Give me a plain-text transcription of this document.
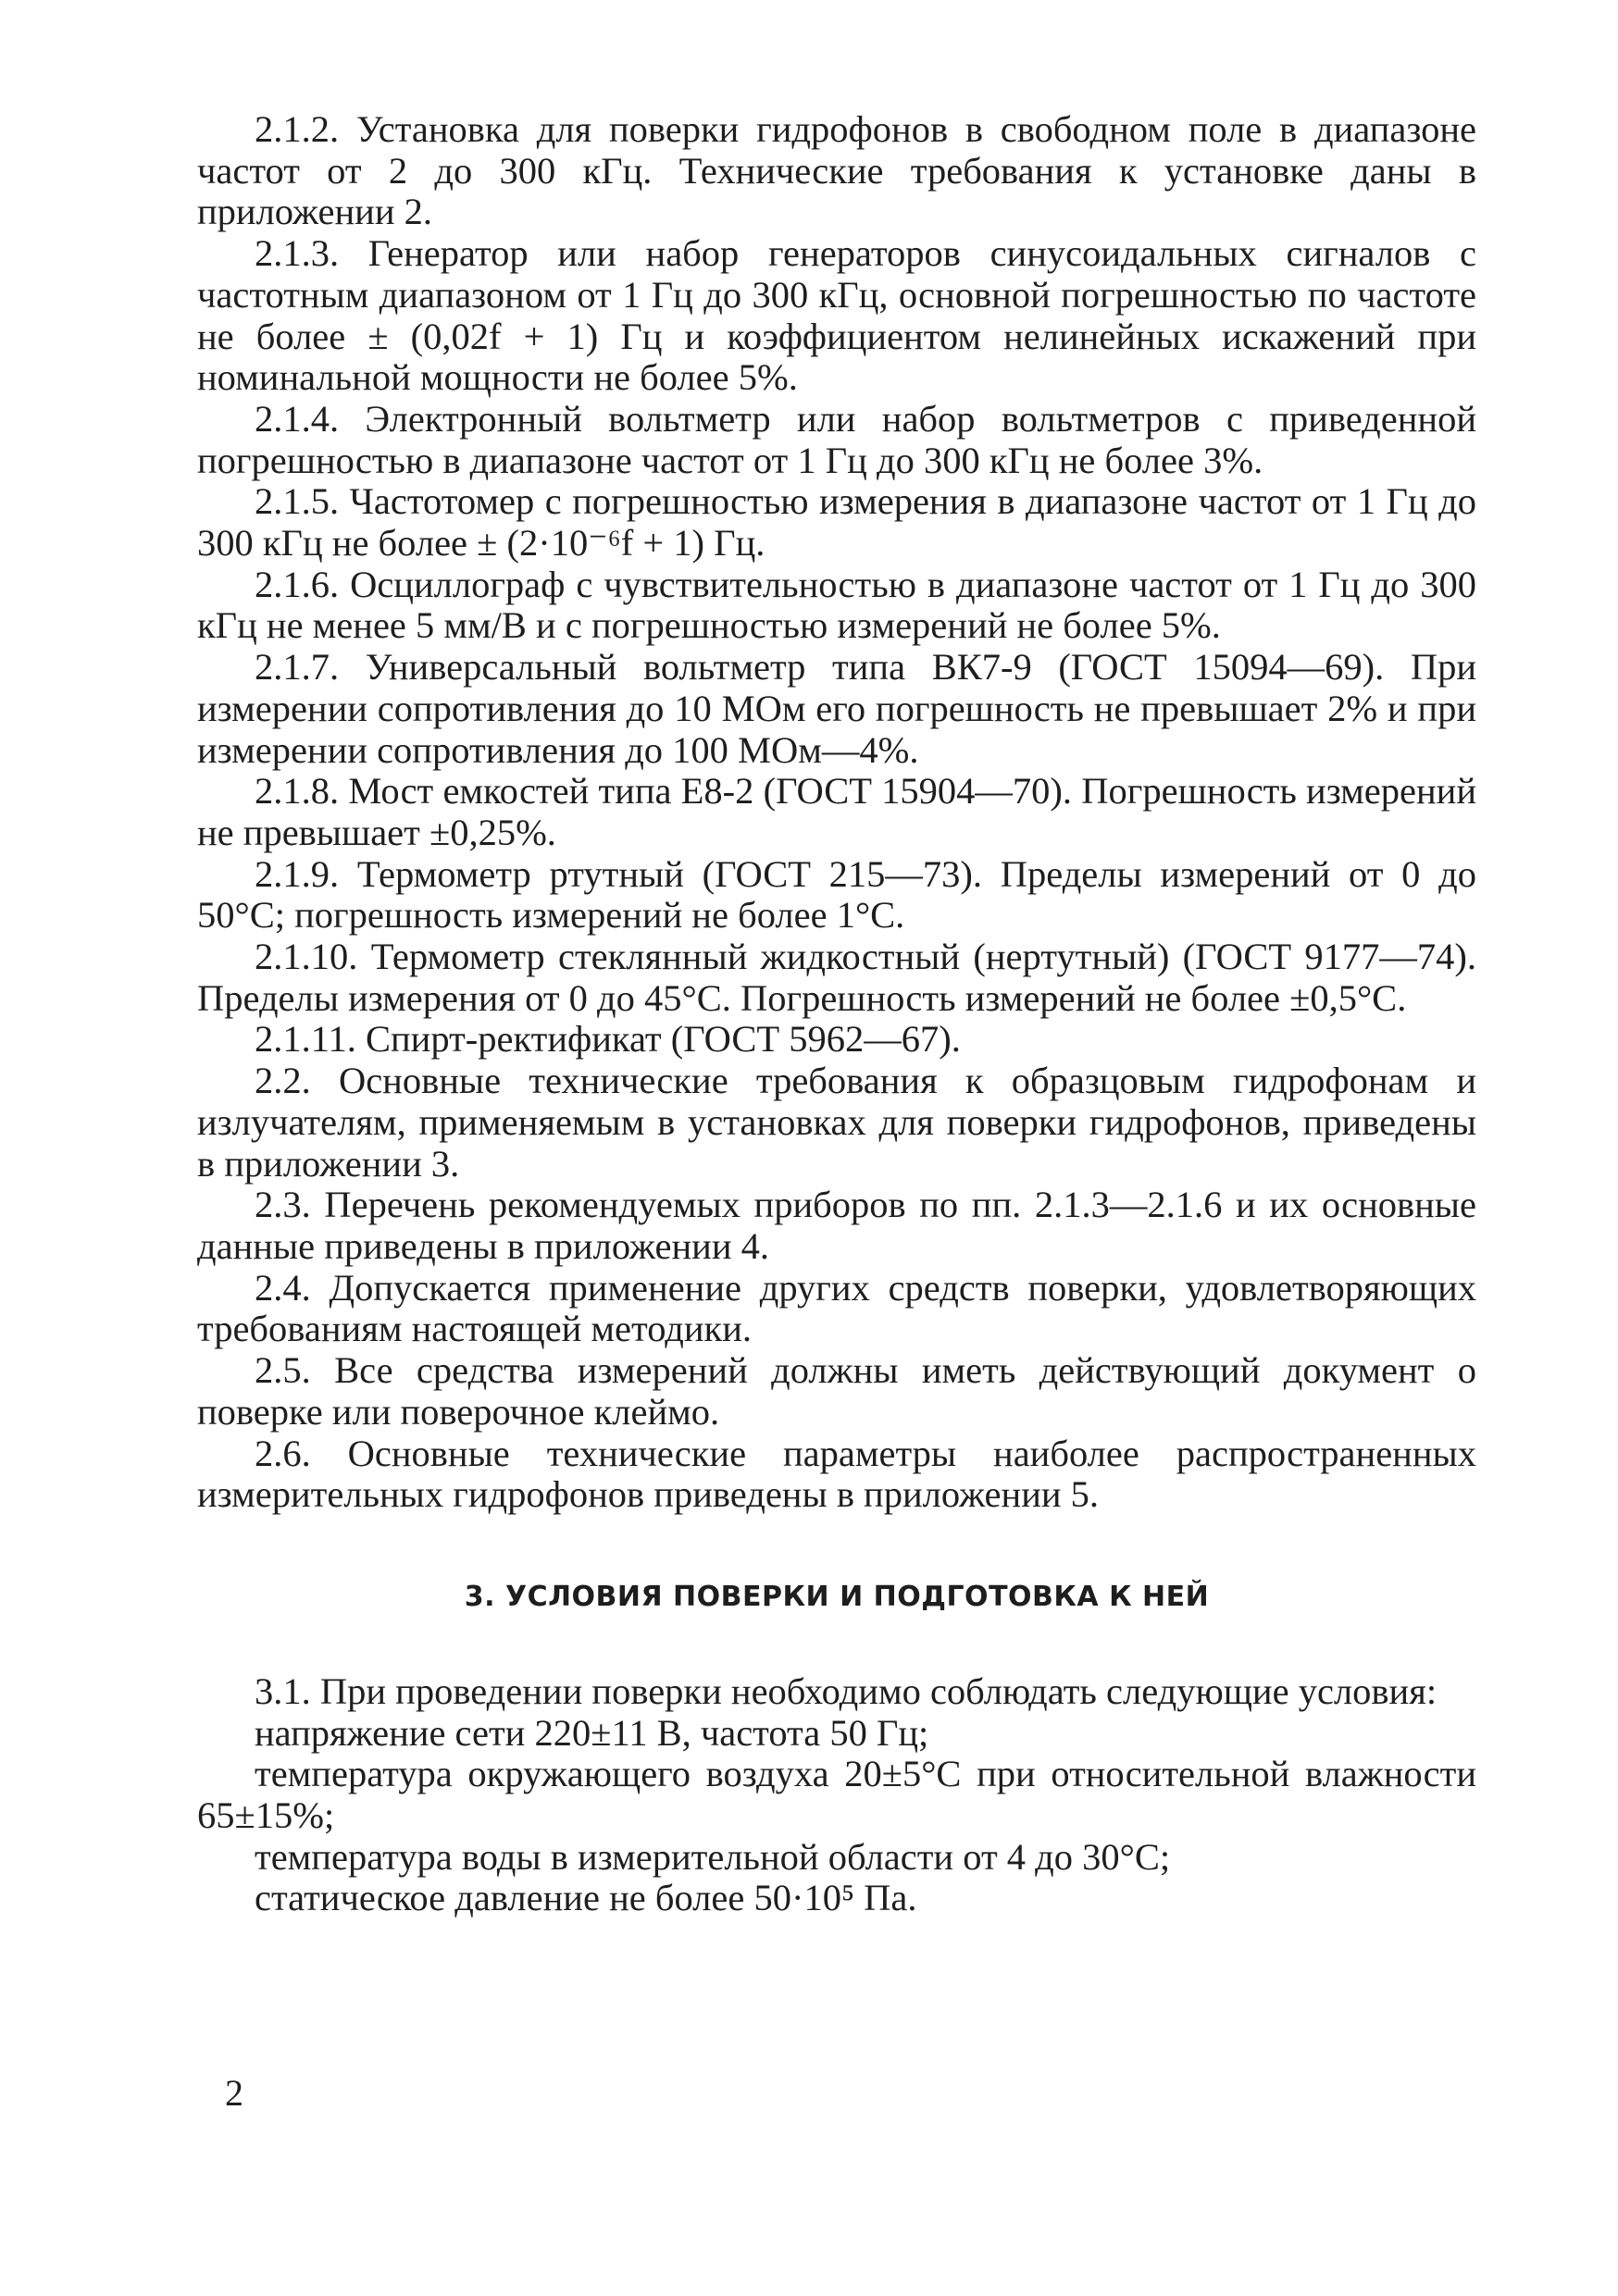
2.1.2. Установка для поверки гидрофонов в свободном поле в диапазоне частот от 2 до 300 кГц. Технические требования к установке даны в приложении 2.

2.1.3. Генератор или набор генераторов синусоидальных сигналов с частотным диапазоном от 1 Гц до 300 кГц, основной погрешностью по частоте не более ± (0,02f + 1) Гц и коэффициентом нелинейных искажений при номинальной мощности не более 5%.

2.1.4. Электронный вольтметр или набор вольтметров с приведенной погрешностью в диапазоне частот от 1 Гц до 300 кГц не более 3%.

2.1.5. Частотомер с погрешностью измерения в диапазоне частот от 1 Гц до 300 кГц не более ± (2·10⁻⁶f + 1) Гц.

2.1.6. Осциллограф с чувствительностью в диапазоне частот от 1 Гц до 300 кГц не менее 5 мм/В и с погрешностью измерений не более 5%.

2.1.7. Универсальный вольтметр типа ВК7-9 (ГОСТ 15094—69). При измерении сопротивления до 10 МОм его погрешность не превышает 2% и при измерении сопротивления до 100 МОм—4%.

2.1.8. Мост емкостей типа Е8-2 (ГОСТ 15904—70). Погрешность измерений не превышает ±0,25%.

2.1.9. Термометр ртутный (ГОСТ 215—73). Пределы измерений от 0 до 50°С; погрешность измерений не более 1°С.

2.1.10. Термометр стеклянный жидкостный (нертутный) (ГОСТ 9177—74). Пределы измерения от 0 до 45°С. Погрешность измерений не более ±0,5°С.

2.1.11. Спирт-ректификат (ГОСТ 5962—67).

2.2. Основные технические требования к образцовым гидрофонам и излучателям, применяемым в установках для поверки гидрофонов, приведены в приложении 3.

2.3. Перечень рекомендуемых приборов по пп. 2.1.3—2.1.6 и их основные данные приведены в приложении 4.

2.4. Допускается применение других средств поверки, удовлетворяющих требованиям настоящей методики.

2.5. Все средства измерений должны иметь действующий документ о поверке или поверочное клеймо.

2.6. Основные технические параметры наиболее распространенных измерительных гидрофонов приведены в приложении 5.

3. УСЛОВИЯ ПОВЕРКИ И ПОДГОТОВКА К НЕЙ

3.1. При проведении поверки необходимо соблюдать следующие условия:

напряжение сети 220±11 В, частота 50 Гц;

температура окружающего воздуха 20±5°С при относительной влажности 65±15%;

температура воды в измерительной области от 4 до 30°С;

статическое давление не более 50·10⁵ Па.

2
